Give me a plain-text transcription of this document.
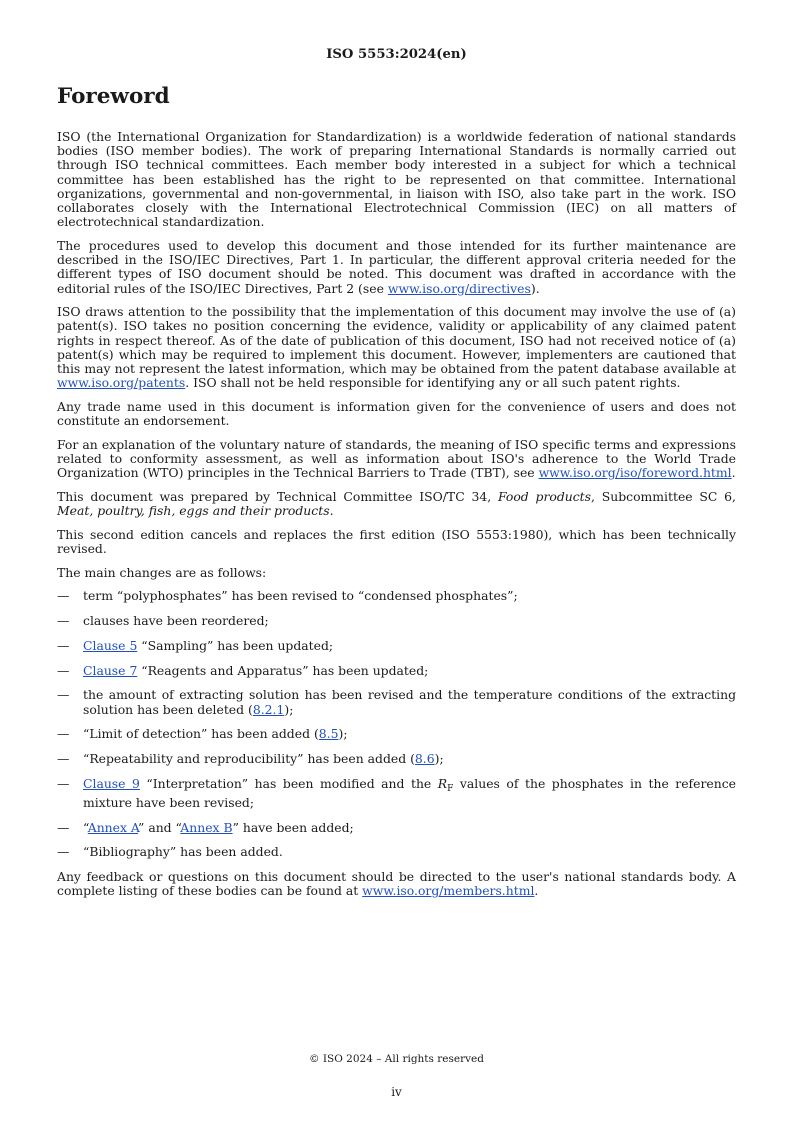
ISO 5553:2024(en)
Foreword

ISO (the International Organization for Standardization) is a worldwide federation of national standards bodies (ISO member bodies). The work of preparing International Standards is normally carried out through ISO technical committees. Each member body interested in a subject for which a technical committee has been established has the right to be represented on that committee. International organizations, governmental and non-governmental, in liaison with ISO, also take part in the work. ISO collaborates closely with the International Electrotechnical Commission (IEC) on all matters of electrotechnical standardization.

The procedures used to develop this document and those intended for its further maintenance are described in the ISO/IEC Directives, Part 1. In particular, the different approval criteria needed for the different types of ISO document should be noted. This document was drafted in accordance with the editorial rules of the ISO/IEC Directives, Part 2 (see www.iso.org/directives).

ISO draws attention to the possibility that the implementation of this document may involve the use of (a) patent(s). ISO takes no position concerning the evidence, validity or applicability of any claimed patent rights in respect thereof. As of the date of publication of this document, ISO had not received notice of (a) patent(s) which may be required to implement this document. However, implementers are cautioned that this may not represent the latest information, which may be obtained from the patent database available at www.iso.org/patents. ISO shall not be held responsible for identifying any or all such patent rights.

Any trade name used in this document is information given for the convenience of users and does not constitute an endorsement.

For an explanation of the voluntary nature of standards, the meaning of ISO specific terms and expressions related to conformity assessment, as well as information about ISO's adherence to the World Trade Organization (WTO) principles in the Technical Barriers to Trade (TBT), see www.iso.org/iso/foreword.html.

This document was prepared by Technical Committee ISO/TC 34, Food products, Subcommittee SC 6, Meat, poultry, fish, eggs and their products.

This second edition cancels and replaces the first edition (ISO 5553:1980), which has been technically revised.

The main changes are as follows:

— term “polyphosphates” has been revised to “condensed phosphates”;
— clauses have been reordered;
— Clause 5 “Sampling” has been updated;
— Clause 7 “Reagents and Apparatus” has been updated;
— the amount of extracting solution has been revised and the temperature conditions of the extracting solution has been deleted (8.2.1);
— “Limit of detection” has been added (8.5);
— “Repeatability and reproducibility” has been added (8.6);
— Clause 9 “Interpretation” has been modified and the $R_F$ values of the phosphates in the reference mixture have been revised;
— “Annex A” and “Annex B” have been added;
— “Bibliography” has been added.

Any feedback or questions on this document should be directed to the user's national standards body. A complete listing of these bodies can be found at www.iso.org/members.html.

© ISO 2024 – All rights reserved
iv
